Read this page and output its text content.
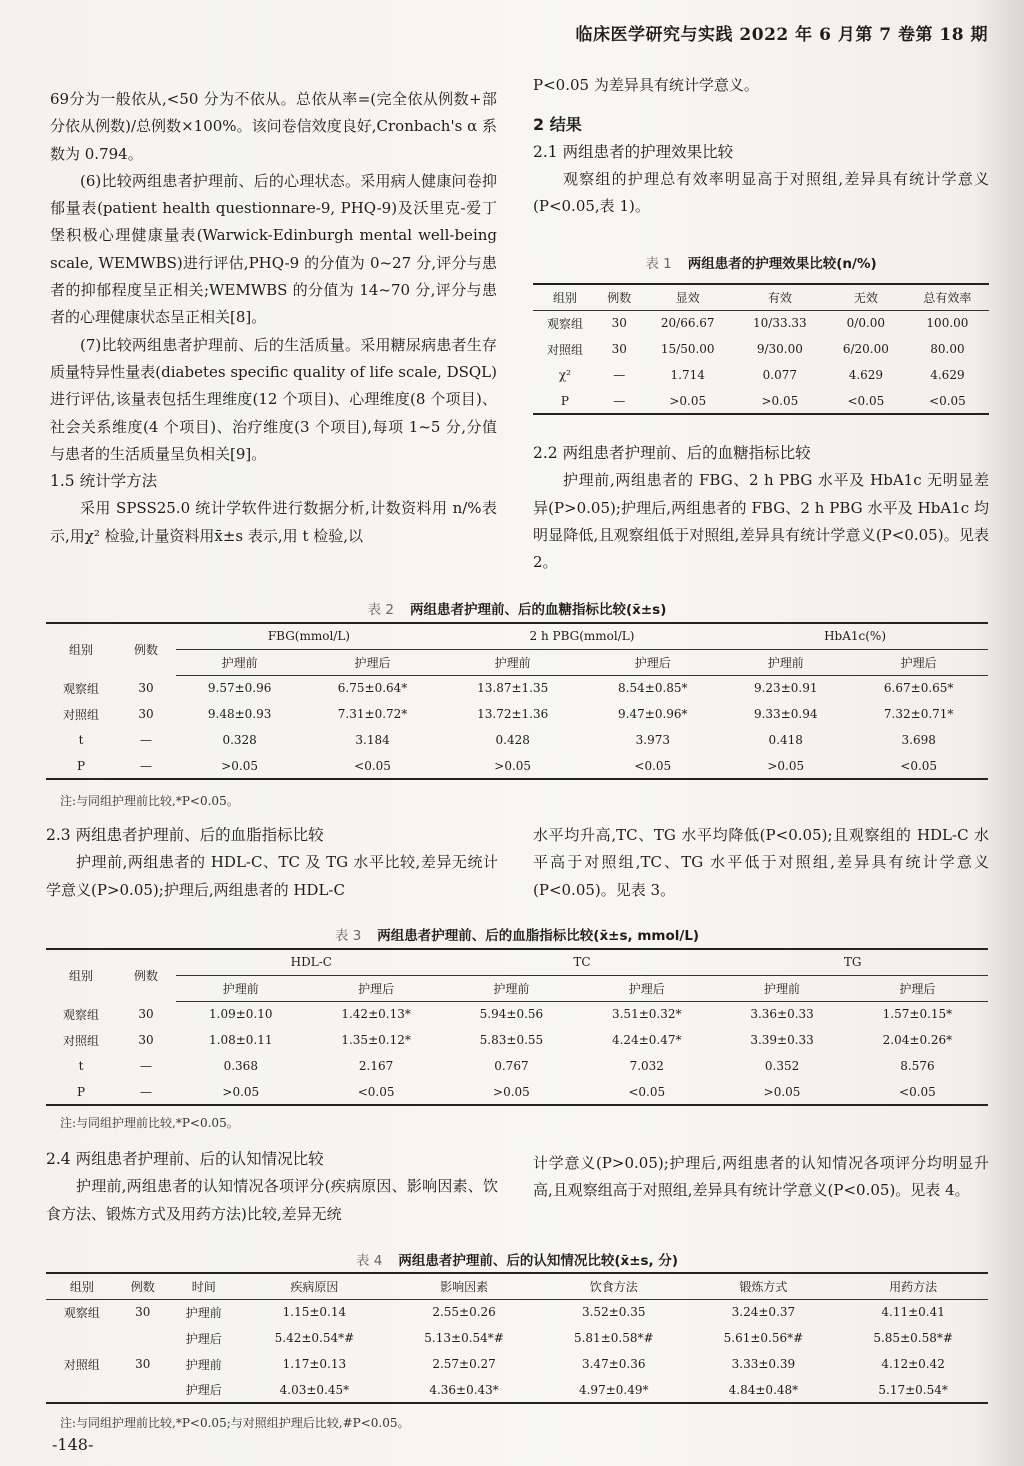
临床医学研究与实践 2022 年 6 月第 7 卷第 18 期

69分为一般依从,<50 分为不依从。总依从率=(完全依从例数+部分依从例数)/总例数×100%。该问卷信效度良好,Cronbach's α 系数为 0.794。

(6)比较两组患者护理前、后的心理状态。采用病人健康问卷抑郁量表(patient health questionnare-9, PHQ-9)及沃里克-爱丁堡积极心理健康量表(Warwick-Edinburgh mental well-being scale, WEMWBS)进行评估,PHQ-9 的分值为 0~27 分,评分与患者的抑郁程度呈正相关;WEMWBS 的分值为 14~70 分,评分与患者的心理健康状态呈正相关[8]。

(7)比较两组患者护理前、后的生活质量。采用糖尿病患者生存质量特异性量表(diabetes specific quality of life scale, DSQL)进行评估,该量表包括生理维度(12 个项目)、心理维度(8 个项目)、社会关系维度(4 个项目)、治疗维度(3 个项目),每项 1~5 分,分值与患者的生活质量呈负相关[9]。

1.5 统计学方法

采用 SPSS25.0 统计学软件进行数据分析,计数资料用 n/%表示,用χ² 检验,计量资料用x̄±s 表示,用 t 检验,以

P<0.05 为差异具有统计学意义。

2 结果

2.1 两组患者的护理效果比较

观察组的护理总有效率明显高于对照组,差异具有统计学意义(P<0.05,表 1)。

表 1 两组患者的护理效果比较(n/%)
组别	例数	显效	有效	无效	总有效率
观察组	30	20/66.67	10/33.33	0/0.00	100.00
对照组	30	15/50.00	9/30.00	6/20.00	80.00
χ²	—	1.714	0.077	4.629	4.629
P	—	>0.05	>0.05	<0.05	<0.05

2.2 两组患者护理前、后的血糖指标比较

护理前,两组患者的 FBG、2 h PBG 水平及 HbA1c 无明显差异(P>0.05);护理后,两组患者的 FBG、2 h PBG 水平及 HbA1c 均明显降低,且观察组低于对照组,差异具有统计学意义(P<0.05)。见表 2。

表 2 两组患者护理前、后的血糖指标比较(x̄±s)
组别	例数	FBG(mmol/L)		2 h PBG(mmol/L)		HbA1c(%)	
		护理前	护理后	护理前	护理后	护理前	护理后
观察组	30	9.57±0.96	6.75±0.64*	13.87±1.35	8.54±0.85*	9.23±0.91	6.67±0.65*
对照组	30	9.48±0.93	7.31±0.72*	13.72±1.36	9.47±0.96*	9.33±0.94	7.32±0.71*
t	—	0.328	3.184	0.428	3.973	0.418	3.698
P	—	>0.05	<0.05	>0.05	<0.05	>0.05	<0.05
注:与同组护理前比较,*P<0.05。

2.3 两组患者护理前、后的血脂指标比较

护理前,两组患者的 HDL-C、TC 及 TG 水平比较,差异无统计学意义(P>0.05);护理后,两组患者的 HDL-C

水平均升高,TC、TG 水平均降低(P<0.05);且观察组的 HDL-C 水平高于对照组,TC、TG 水平低于对照组,差异具有统计学意义(P<0.05)。见表 3。

表 3 两组患者护理前、后的血脂指标比较(x̄±s, mmol/L)
组别	例数	HDL-C		TC		TG	
		护理前	护理后	护理前	护理后	护理前	护理后
观察组	30	1.09±0.10	1.42±0.13*	5.94±0.56	3.51±0.32*	3.36±0.33	1.57±0.15*
对照组	30	1.08±0.11	1.35±0.12*	5.83±0.55	4.24±0.47*	3.39±0.33	2.04±0.26*
t	—	0.368	2.167	0.767	7.032	0.352	8.576
P	—	>0.05	<0.05	>0.05	<0.05	>0.05	<0.05
注:与同组护理前比较,*P<0.05。

2.4 两组患者护理前、后的认知情况比较

护理前,两组患者的认知情况各项评分(疾病原因、影响因素、饮食方法、锻炼方式及用药方法)比较,差异无统

计学意义(P>0.05);护理后,两组患者的认知情况各项评分均明显升高,且观察组高于对照组,差异具有统计学意义(P<0.05)。见表 4。

表 4 两组患者护理前、后的认知情况比较(x̄±s, 分)
组别	例数	时间	疾病原因	影响因素	饮食方法	锻炼方式	用药方法
观察组	30	护理前	1.15±0.14	2.55±0.26	3.52±0.35	3.24±0.37	4.11±0.41
		护理后	5.42±0.54*#	5.13±0.54*#	5.81±0.58*#	5.61±0.56*#	5.85±0.58*#
对照组	30	护理前	1.17±0.13	2.57±0.27	3.47±0.36	3.33±0.39	4.12±0.42
		护理后	4.03±0.45*	4.36±0.43*	4.97±0.49*	4.84±0.48*	5.17±0.54*
注:与同组护理前比较,*P<0.05;与对照组护理后比较,#P<0.05。
-148-
